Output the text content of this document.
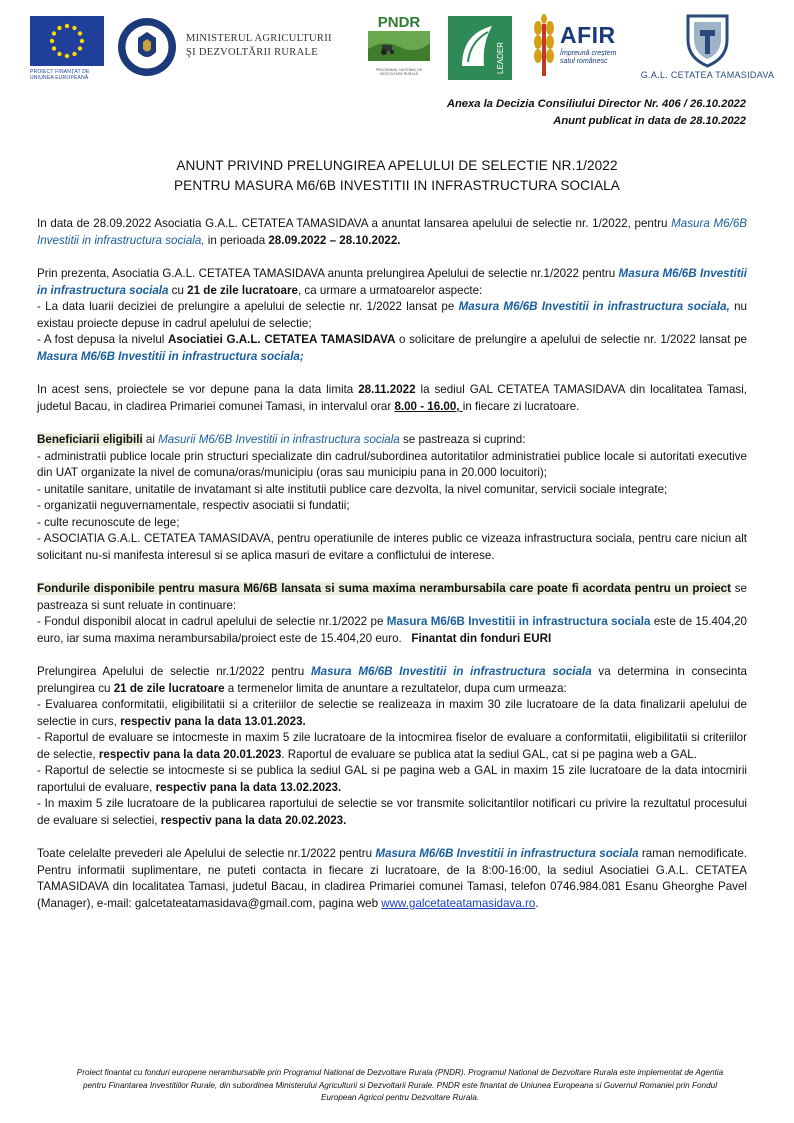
PROIECT FINANȚAT DE UNIUNEA EUROPEANĂ
MINISTERUL AGRICULTURII
ŞI DEZVOLTĂRII RURALE
PNDR
PROGRAMUL NAȚIONAL DE DEZVOLTARE RURALĂ	LEADER
AFIR
Împreună creștem
satul românesc
G.A.L. CETATEA TAMASIDAVA
Anexa la Decizia Consiliului Director Nr. 406 / 26.10.2022
Anunt publicat in data de 28.10.2022
ANUNT PRIVIND PRELUNGIREA APELULUI DE SELECTIE NR.1/2022
PENTRU MASURA M6/6B INVESTITII IN INFRASTRUCTURA SOCIALA

In data de 28.09.2022 Asociatia G.A.L. CETATEA TAMASIDAVA a anuntat lansarea apelului de selectie nr. 1/2022, pentru Masura M6/6B Investitii in infrastructura sociala, in perioada 28.09.2022 – 28.10.2022.

Prin prezenta, Asociatia G.A.L. CETATEA TAMASIDAVA anunta prelungirea Apelului de selectie nr.1/2022 pentru Masura M6/6B Investitii in infrastructura sociala cu 21 de zile lucratoare, ca urmare a urmatoarelor aspecte:
- La data luarii deciziei de prelungire a apelului de selectie nr. 1/2022 lansat pe Masura M6/6B Investitii in infrastructura sociala, nu existau proiecte depuse in cadrul apelului de selectie;
- A fost depusa la nivelul Asociatiei G.A.L. CETATEA TAMASIDAVA o solicitare de prelungire a apelului de selectie nr. 1/2022 lansat pe Masura M6/6B Investitii in infrastructura sociala;

In acest sens, proiectele se vor depune pana la data limita 28.11.2022 la sediul GAL CETATEA TAMASIDAVA din localitatea Tamasi, judetul Bacau, in cladirea Primariei comunei Tamasi, in intervalul orar 8.00 - 16.00, in fiecare zi lucratoare.

Beneficiarii eligibili ai Masurii M6/6B Investitii in infrastructura sociala se pastreaza si cuprind:
- administratii publice locale prin structuri specializate din cadrul/subordinea autoritatilor administratiei publice locale si autoritati executive din UAT organizate la nivel de comuna/oras/municipiu (oras sau municipiu pana in 20.000 locuitori);
- unitatile sanitare, unitatile de invatamant si alte institutii publice care dezvolta, la nivel comunitar, servicii sociale integrate;
- organizatii neguvernamentale, respectiv asociatii si fundatii;
- culte recunoscute de lege;
- ASOCIATIA G.A.L. CETATEA TAMASIDAVA, pentru operatiunile de interes public ce vizeaza infrastructura sociala, pentru care niciun alt solicitant nu-si manifesta interesul si se aplica masuri de evitare a conflictului de interese.

Fondurile disponibile pentru masura M6/6B lansata si suma maxima nerambursabila care poate fi acordata pentru un proiect se pastreaza si sunt reluate in continuare:
- Fondul disponibil alocat in cadrul apelului de selectie nr.1/2022 pe Masura M6/6B Investitii in infrastructura sociala este de 15.404,20 euro, iar suma maxima nerambursabila/proiect este de 15.404,20 euro.   Finantat din fonduri EURI

Prelungirea Apelului de selectie nr.1/2022 pentru Masura M6/6B Investitii in infrastructura sociala va determina in consecinta prelungirea cu 21 de zile lucratoare a termenelor limita de anuntare a rezultatelor, dupa cum urmeaza:
- Evaluarea conformitatii, eligibilitatii si a criteriilor de selectie se realizeaza in maxim 30 zile lucratoare de la data finalizarii apelului de selectie in curs, respectiv pana la data 13.01.2023.
- Raportul de evaluare se intocmeste in maxim 5 zile lucratoare de la intocmirea fiselor de evaluare a conformitatii, eligibilitatii si criteriilor de selectie, respectiv pana la data 20.01.2023. Raportul de evaluare se publica atat la sediul GAL, cat si pe pagina web a GAL.
- Raportul de selectie se intocmeste si se publica la sediul GAL si pe pagina web a GAL in maxim 15 zile lucratoare de la data intocmirii raportului de evaluare, respectiv pana la data 13.02.2023.
- In maxim 5 zile lucratoare de la publicarea raportului de selectie se vor transmite solicitantilor notificari cu privire la rezultatul procesului de evaluare si selectiei, respectiv pana la data 20.02.2023.

Toate celelalte prevederi ale Apelului de selectie nr.1/2022 pentru Masura M6/6B Investitii in infrastructura sociala raman nemodificate. Pentru informatii suplimentare, ne puteti contacta in fiecare zi lucratoare, de la 8:00-16:00, la sediul Asociatiei G.A.L. CETATEA TAMASIDAVA din localitatea Tamasi, judetul Bacau, in cladirea Primariei comunei Tamasi, telefon 0746.984.081 Esanu Gheorghe Pavel (Manager), e-mail: galcetateatamasidava@gmail.com, pagina web www.galcetateatamasidava.ro.

Proiect finantat cu fonduri europene nerambursabile prin Programul National de Dezvoltare Rurala (PNDR). Programul National de Dezvoltare Rurala este implementat de Agentia pentru Finantarea Investitiilor Rurale, din subordinea Ministerului Agriculturii si Dezvoltarii Rurale. PNDR este finantat de Uniunea Europeana si Guvernul Romaniei prin Fondul European Agricol pentru Dezvoltare Rurala.
